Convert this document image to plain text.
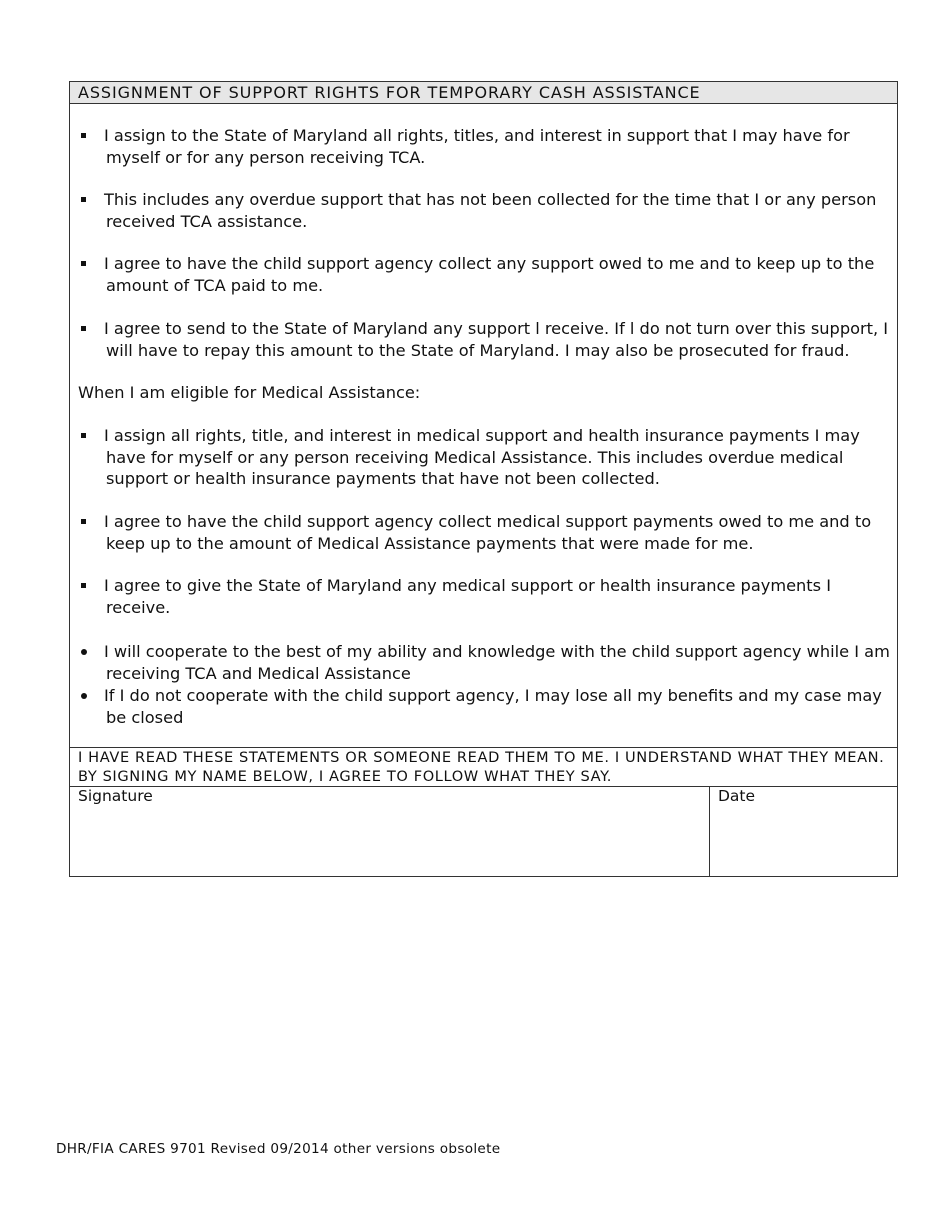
ASSIGNMENT OF SUPPORT RIGHTS FOR TEMPORARY CASH ASSISTANCE
I assign to the State of Maryland all rights, titles, and interest in support that I may have for myself or for any person receiving TCA.
This includes any overdue support that has not been collected for the time that I or any person received TCA assistance.
I agree to have the child support agency collect any support owed to me and to keep up to the amount of TCA paid to me.
I agree to send to the State of Maryland any support l receive. If l do not turn over this support, I will have to repay this amount to the State of Maryland. I may also be prosecuted for fraud.
When I am eligible for Medical Assistance:
I assign all rights, title, and interest in medical support and health insurance payments I may have for myself or any person receiving Medical Assistance. This includes overdue medical support or health insurance payments that have not been collected.
I agree to have the child support agency collect medical support payments owed to me and to keep up to the amount of Medical Assistance payments that were made for me.
I agree to give the State of Maryland any medical support or health insurance payments I receive.
I will cooperate to the best of my ability and knowledge with the child support agency while I am receiving TCA and Medical Assistance
If I do not cooperate with the child support agency, I may lose all my benefits and my case may be closed
I HAVE READ THESE STATEMENTS OR SOMEONE READ THEM TO ME. I UNDERSTAND WHAT THEY MEAN. BY SIGNING MY NAME BELOW, I AGREE TO FOLLOW WHAT THEY SAY.
Signature	Date
DHR/FIA CARES 9701 Revised 09/2014 other versions obsolete
